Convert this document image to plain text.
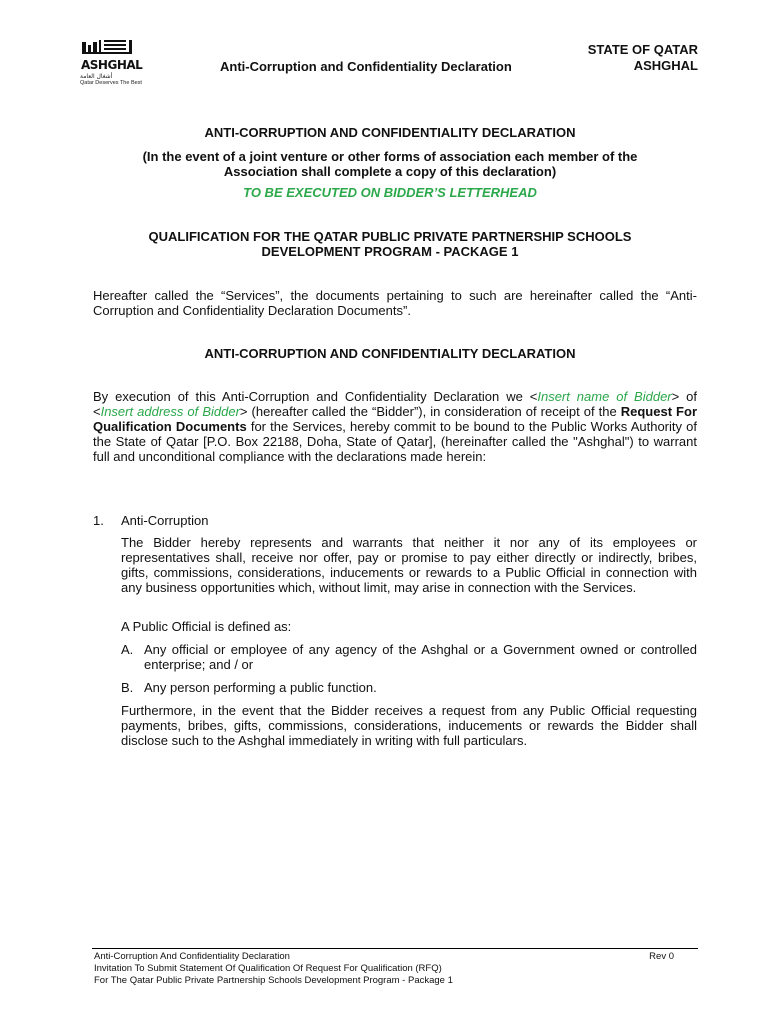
ASHGHAL
أشغال العامة
Qatar Deserves The Best
Anti-Corruption and Confidentiality Declaration
STATE OF QATAR
ASHGHAL
ANTI-CORRUPTION AND CONFIDENTIALITY DECLARATION
(In the event of a joint venture or other forms of association each member of the
Association shall complete a copy of this declaration)
TO BE EXECUTED ON BIDDER’S LETTERHEAD
QUALIFICATION FOR THE QATAR PUBLIC PRIVATE PARTNERSHIP SCHOOLS
DEVELOPMENT PROGRAM - PACKAGE 1
Hereafter called the “Services”, the documents pertaining to such are hereinafter called the “Anti-Corruption and Confidentiality Declaration Documents”.
ANTI-CORRUPTION AND CONFIDENTIALITY DECLARATION
By execution of this Anti-Corruption and Confidentiality Declaration we <Insert name of Bidder> of <Insert address of Bidder> (hereafter called the “Bidder”), in consideration of receipt of the Request For Qualification Documents for the Services, hereby commit to be bound to the Public Works Authority of the State of Qatar [P.O. Box 22188, Doha, State of Qatar], (hereinafter called the "Ashghal") to warrant full and unconditional compliance with the declarations made herein:
1. Anti-Corruption
The Bidder hereby represents and warrants that neither it nor any of its employees or representatives shall, receive nor offer, pay or promise to pay either directly or indirectly, bribes, gifts, commissions, considerations, inducements or rewards to a Public Official in connection with any business opportunities which, without limit, may arise in connection with the Services.
A Public Official is defined as:
A. Any official or employee of any agency of the Ashghal or a Government owned or controlled enterprise; and / or
B. Any person performing a public function.
Furthermore, in the event that the Bidder receives a request from any Public Official requesting payments, bribes, gifts, commissions, considerations, inducements or rewards the Bidder shall disclose such to the Ashghal immediately in writing with full particulars.
Anti-Corruption And Confidentiality Declaration
Invitation To Submit Statement Of Qualification Of Request For Qualification (RFQ)
For The Qatar Public Private Partnership Schools Development Program - Package 1
Rev 0
